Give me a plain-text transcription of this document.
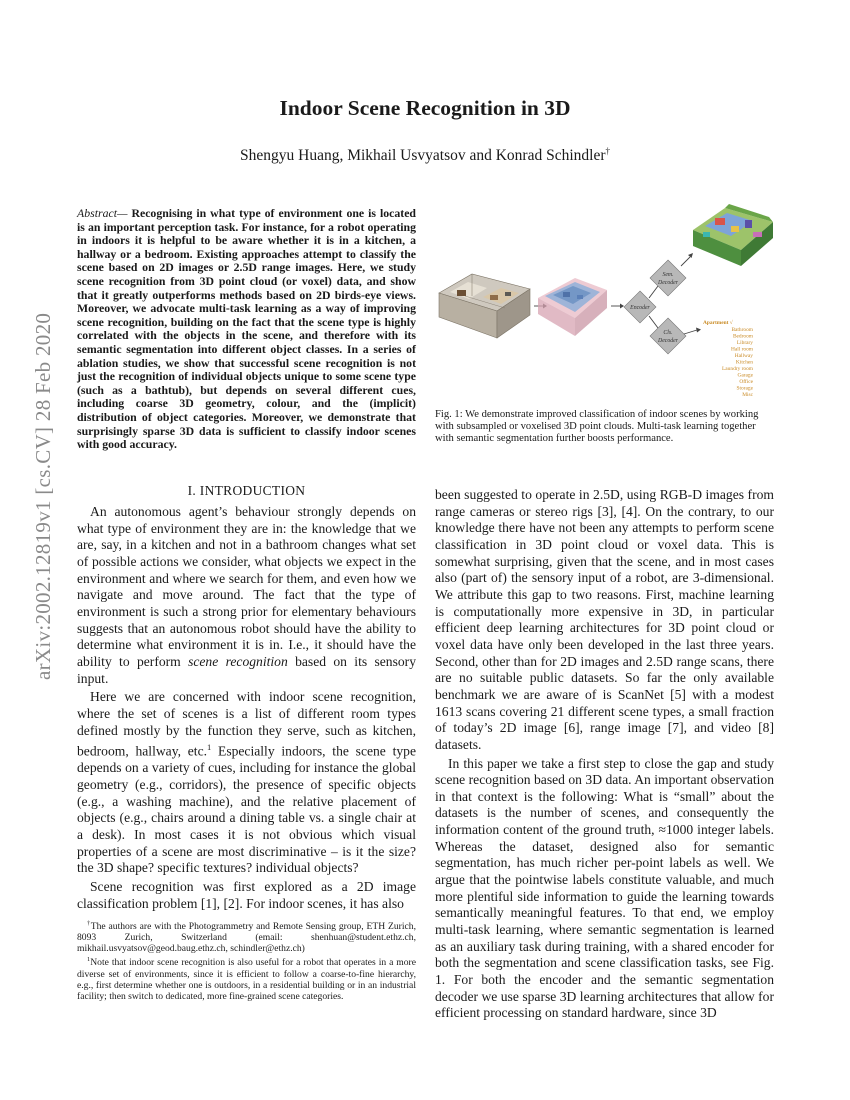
arXiv:2002.12819v1 [cs.CV] 28 Feb 2020
Indoor Scene Recognition in 3D
Shengyu Huang, Mikhail Usvyatsov and Konrad Schindler†
Abstract— Recognising in what type of environment one is located is an important perception task. For instance, for a robot operating in indoors it is helpful to be aware whether it is in a kitchen, a hallway or a bedroom. Existing approaches attempt to classify the scene based on 2D images or 2.5D range images. Here, we study scene recognition from 3D point cloud (or voxel) data, and show that it greatly outperforms methods based on 2D birds-eye views. Moreover, we advocate multi-task learning as a way of improving scene recognition, building on the fact that the scene type is highly correlated with the objects in the scene, and therefore with its semantic segmentation into different object classes. In a series of ablation studies, we show that successful scene recognition is not just the recognition of individual objects unique to some scene type (such as a bathtub), but depends on several different cues, including coarse 3D geometry, colour, and the (implicit) distribution of object categories. Moreover, we demonstrate that surprisingly sparse 3D data is sufficient to classify indoor scenes with good accuracy.
Encoder
Sem.
Decoder
Cls.
Decoder
Apartment √
Bathroom
Bedroom
Library
Hall room
Hallway
Kitchen
Laundry room
Garage
Office
Storage
Misc
Fig. 1: We demonstrate improved classification of indoor scenes by working with subsampled or voxelised 3D point clouds. Multi-task learning together with semantic segmentation further boosts performance.
I. INTRODUCTION

An autonomous agent’s behaviour strongly depends on what type of environment they are in: the knowledge that we are, say, in a kitchen and not in a bathroom changes what set of possible actions we consider, what objects we expect in the environment and where we search for them, and even how we navigate and move around. The fact that the type of environment is such a strong prior for elementary behaviours suggests that an autonomous robot should have the ability to determine what environment it is in. I.e., it should have the ability to perform scene recognition based on its sensory input.

Here we are concerned with indoor scene recognition, where the set of scenes is a list of different room types defined mostly by the function they serve, such as kitchen, bedroom, hallway, etc.$^1$ Especially indoors, the scene type depends on a variety of cues, including for instance the global geometry (e.g., corridors), the presence of specific objects (e.g., a washing machine), and the relative placement of objects (e.g., chairs around a dining table vs. a single chair at a desk). In most cases it is not obvious which visual properties of a scene are most discriminative – is it the size? the 3D shape? specific textures? individual objects?

Scene recognition was first explored as a 2D image classification problem [1], [2]. For indoor scenes, it has also

†The authors are with the Photogrammetry and Remote Sensing group, ETH Zurich, 8093 Zurich, Switzerland (email: shenhuan@student.ethz.ch, mikhail.usvyatsov@geod.baug.ethz.ch, schindler@ethz.ch)

$^1$Note that indoor scene recognition is also useful for a robot that operates in a more diverse set of environments, since it is efficient to follow a coarse-to-fine hierarchy, e.g., first determine whether one is outdoors, in a residential building or in an industrial facility; then switch to dedicated, more fine-grained scene categories.

been suggested to operate in 2.5D, using RGB-D images from range cameras or stereo rigs [3], [4]. On the contrary, to our knowledge there have not been any attempts to perform scene classification in 3D point cloud or voxel data. This is somewhat surprising, given that the scene, and in most cases also (part of) the sensory input of a robot, are 3-dimensional. We attribute this gap to two reasons. First, machine learning is computationally more expensive in 3D, in particular efficient deep learning architectures for 3D point cloud or voxel data have only been developed in the last three years. Second, other than for 2D images and 2.5D range scans, there are no suitable public datasets. So far the only available benchmark we are aware of is ScanNet [5] with a modest 1613 scans covering 21 different scene types, a small fraction of today’s 2D image [6], range image [7], and video [8] datasets.

In this paper we take a first step to close the gap and study scene recognition based on 3D data. An important observation in that context is the following: What is “small” about the datasets is the number of scenes, and consequently the information content of the ground truth, ≈1000 integer labels. Whereas the dataset, designed also for semantic segmentation, has much richer per-point labels as well. We argue that the pointwise labels constitute valuable, and much more plentiful side information to guide the learning towards semantically meaningful features. To that end, we employ multi-task learning, where semantic segmentation is learned as an auxiliary task during training, with a shared encoder for both the segmentation and scene classification tasks, see Fig. 1. For both the encoder and the semantic segmentation decoder we use sparse 3D learning architectures that allow for efficient processing on standard hardware, since 3D
